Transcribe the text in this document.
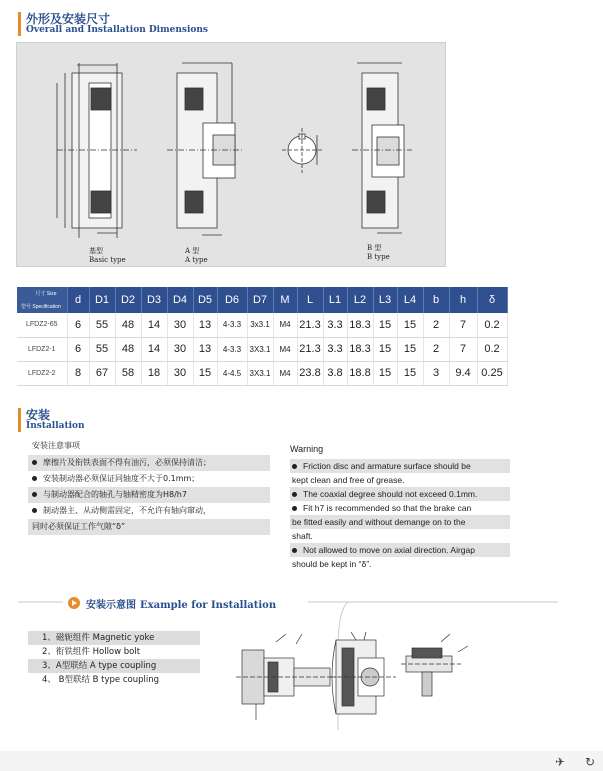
外形及安装尺寸
Overall and Installation Dimensions
基型
Basic type
A 型
A type
B 型
B type
尺寸 Size
型号 Specification	d	D1	D2	D3	D4	D5	D6	D7	M	L	L1	L2	L3	L4	b	h	δ
LFDZ2-65	6	55	48	14	30	13	4-3.3	3x3.1	M4	21.3	3.3	18.3	15	15	2	7	0.2
LFDZ2-1	6	55	48	14	30	13	4-3.3	3X3.1	M4	21.3	3.3	18.3	15	15	2	7	0.2
LFDZ2-2	8	67	58	18	30	15	4-4.5	3X3.1	M4	23.8	3.8	18.8	15	15	3	9.4	0.25
安装
Installation
安装注意事项
摩擦片及衔铁表面不得有油污，必须保持清洁；
安装制动器必须保证同轴度不大于0.1mm；
与制动器配合的轴孔与轴精密度为H8/h7
制动器主、从动侧需固定，不允许有轴向窜动，
同时必须保证工作气隙“δ”
Warning
Friction disc and armature surface should be
kept clean and free of grease.
The coaxial degree should not exceed 0.1mm.
Fit h7 is recommended so that the brake can
be fitted easily and without demange on to the
shaft.
Not allowed to move on axial direction. Airgap
should be kept in “δ”.
安装示意图 Example for Installation
1、磁轭组件 Magnetic yoke
2、衔铁组件 Hollow bolt
3、A型联结 A type coupling
4、 B型联结 B type coupling
✈ ↻
